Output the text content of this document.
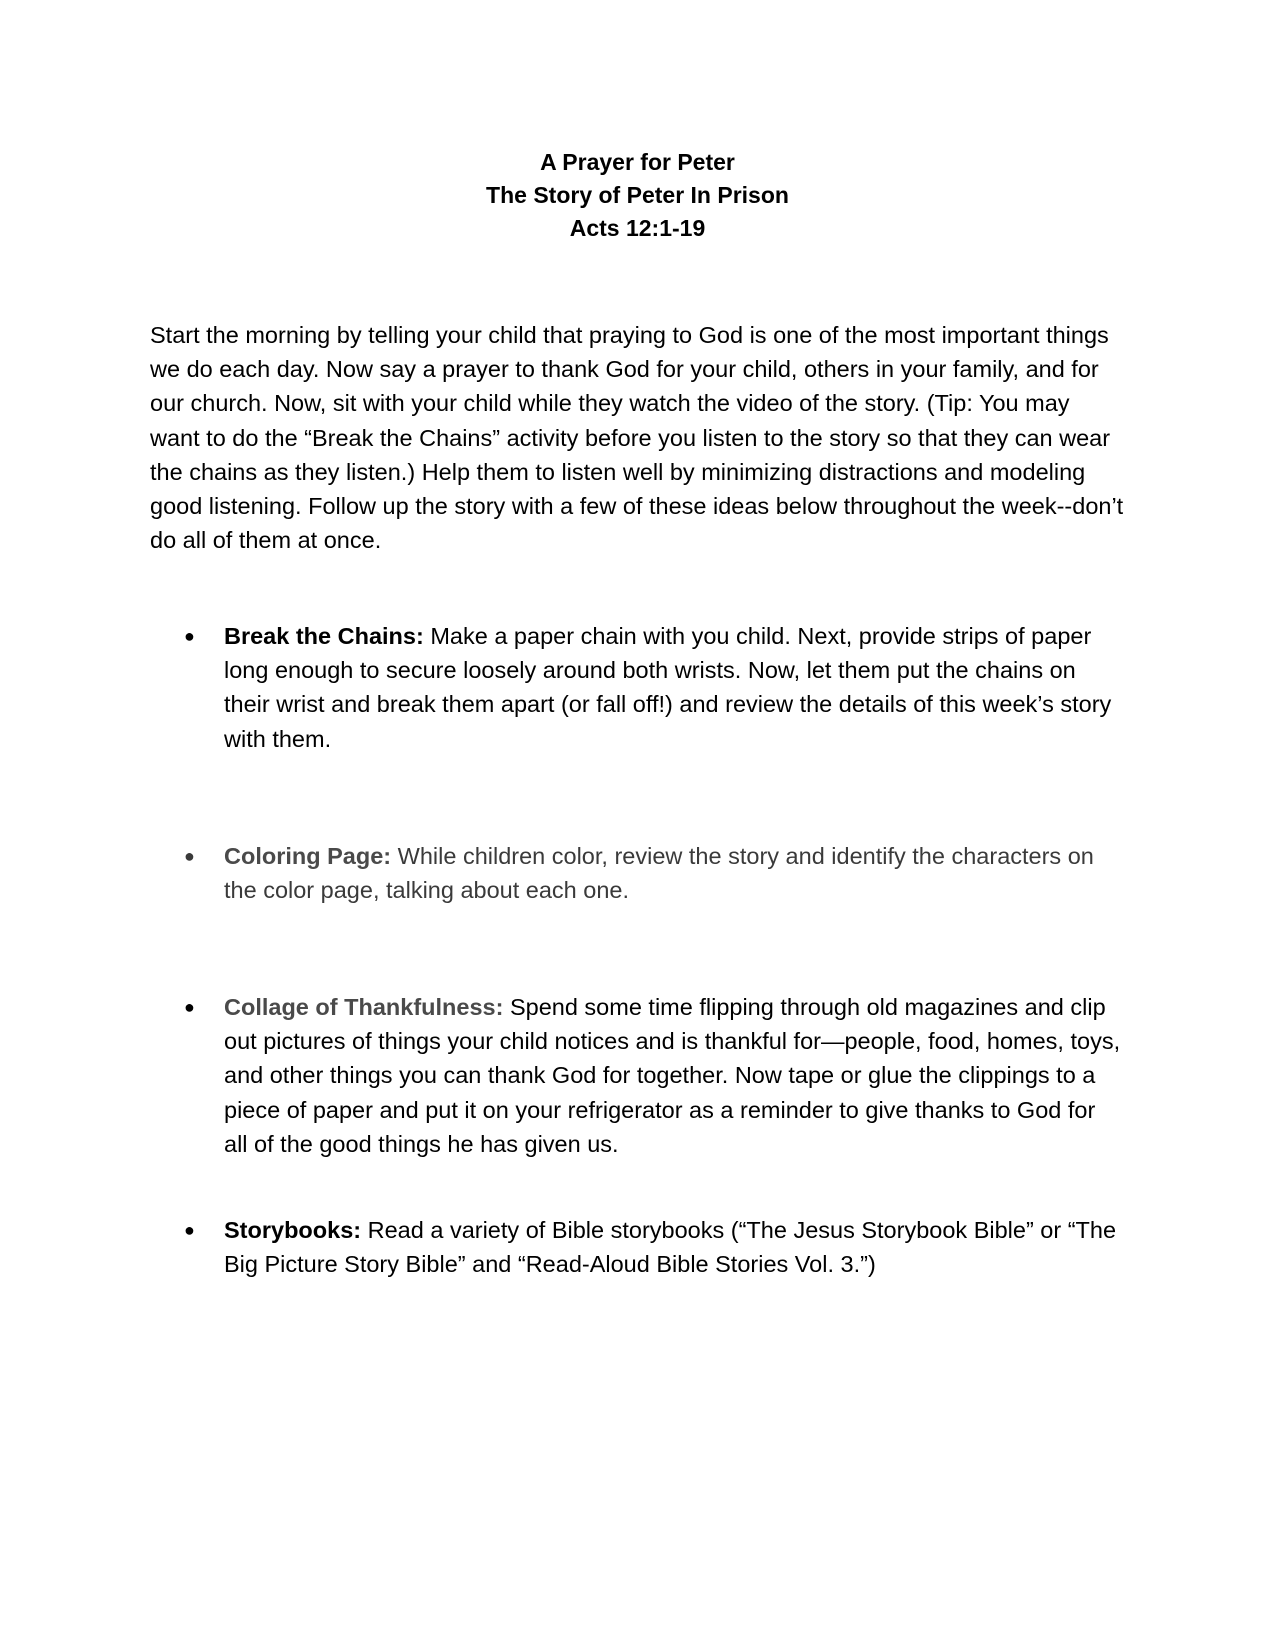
A Prayer for Peter
The Story of Peter In Prison
Acts 12:1-19

Start the morning by telling your child that praying to God is one of the most important things we do each day. Now say a prayer to thank God for your child, others in your family, and for our church. Now, sit with your child while they watch the video of the story. (Tip: You may want to do the “Break the Chains” activity before you listen to the story so that they can wear the chains as they listen.) Help them to listen well by minimizing distractions and modeling good listening. Follow up the story with a few of these ideas below throughout the week--don’t do all of them at once.

● Break the Chains: Make a paper chain with you child. Next, provide strips of paper long enough to secure loosely around both wrists. Now, let them put the chains on their wrist and break them apart (or fall off!) and review the details of this week’s story with them.
● Coloring Page: While children color, review the story and identify the characters on the color page, talking about each one.
● Collage of Thankfulness: Spend some time flipping through old magazines and clip out pictures of things your child notices and is thankful for—people, food, homes, toys, and other things you can thank God for together. Now tape or glue the clippings to a piece of paper and put it on your refrigerator as a reminder to give thanks to God for all of the good things he has given us.
● Storybooks: Read a variety of Bible storybooks (“The Jesus Storybook Bible” or “The Big Picture Story Bible” and “Read-Aloud Bible Stories Vol. 3.”)
